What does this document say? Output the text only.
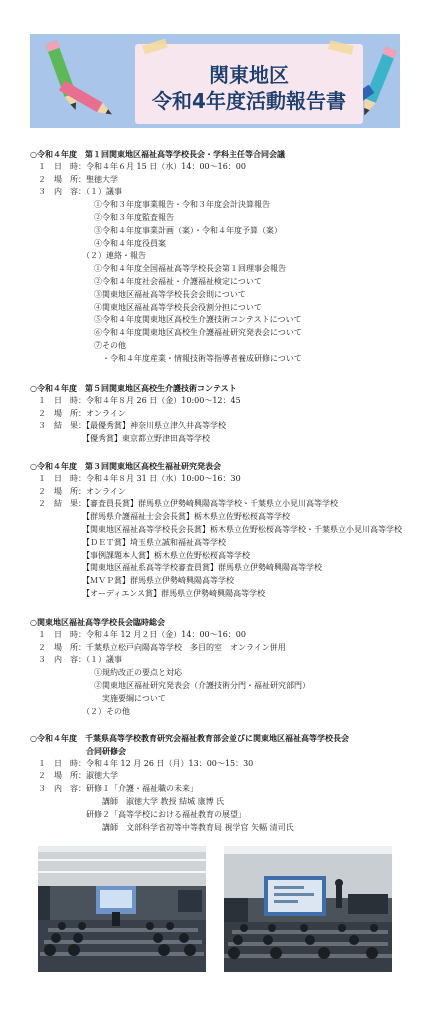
関東地区
令和4年度活動報告書
○令和４年度　第１回関東地区福祉高等学校長会・学科主任等合同会議
　１　日　時：令和４年６月 15 日（水）14：00～16：00
　２　場　所：聖徳大学
　３　内　容：（１）議事
　　　　　　　　①令和３年度事業報告・令和３年度会計決算報告
　　　　　　　　②令和３年度監査報告
　　　　　　　　③令和４年度事業計画（案）・令和４年度予算（案）
　　　　　　　　④令和４年度役員案
　　　　　　　（２）連絡・報告
　　　　　　　　①令和４年度全国福祉高等学校長会第１回理事会報告
　　　　　　　　②令和４年度社会福祉・介護福祉検定について
　　　　　　　　③関東地区福祉高等学校長会会則について
　　　　　　　　④関東地区福祉高等学校長会役割分担について
　　　　　　　　⑤令和４年度関東地区高校生介護技術コンテストについて
　　　　　　　　⑥令和４年度関東地区高校生介護福祉研究発表会について
　　　　　　　　⑦その他
　　　　　　　　　・令和４年度産業・情報技術等指導者養成研修について
○令和４年度　第５回関東地区高校生介護技術コンテスト
　１　日　時：令和４年８月 26 日（金）10:00～12：45
　２　場　所：オンライン
　３　結　果：【最優秀賞】神奈川県立津久井高等学校
　　　　　　　【優秀賞】東京都立野津田高等学校
○令和４年度　第３回関東地区高校生福祉研究発表会
　１　日　時：令和４年８月 31 日（水）10:00～16：30
　２　場　所：オンライン
　２　結　果：【審査員長賞】群馬県立伊勢崎興陽高等学校・千葉県立小見川高等学校
　　　　　　　【群馬県介護福祉士会会長賞】栃木県立佐野松桜高等学校
　　　　　　　【関東地区福祉高等学校長会長賞】栃木県立佐野松桜高等学校・千葉県立小見川高等学校
　　　　　　　【ＤＥＴ賞】埼玉県立誠和福祉高等学校
　　　　　　　【事例課題本人賞】栃木県立佐野松桜高等学校
　　　　　　　【関東地区福祉系高等学校審査員賞】群馬県立伊勢崎興陽高等学校
　　　　　　　【ＭＶＰ賞】群馬県立伊勢崎興陽高等学校
　　　　　　　【オーディエンス賞】群馬県立伊勢崎興陽高等学校
○関東地区福祉高等学校長会臨時総会
　１　日　時：令和４年 12 月２日（金）14：00～16：00
　２　場　所：千葉県立松戸向陽高等学校　多目的室　オンライン併用
　３　内　容：（１）議事
　　　　　　　　①規約改正の要点と対応
　　　　　　　　②関東地区福祉研究発表会（介護技術分門・福祉研究部門）
　　　　　　　　　実施要綱について
　　　　　　　（２）その他
○令和４年度　千葉県高等学校教育研究会福祉教育部会並びに関東地区福祉高等学校長会
　　　　　　　合同研修会
　１　日　時：令和４年 12 月 26 日（月）13：00～15：30
　２　場　所：淑徳大学
　３　内　容：研修１「介護・福祉職の未来」
　　　　　　　　　講師　淑徳大学 教授 結城 康博 氏
　　　　　　　研修２「高等学校における福祉教育の展望」
　　　　　　　　　講師　文部科学省初等中等教育局 視学官 矢幅 清司氏
